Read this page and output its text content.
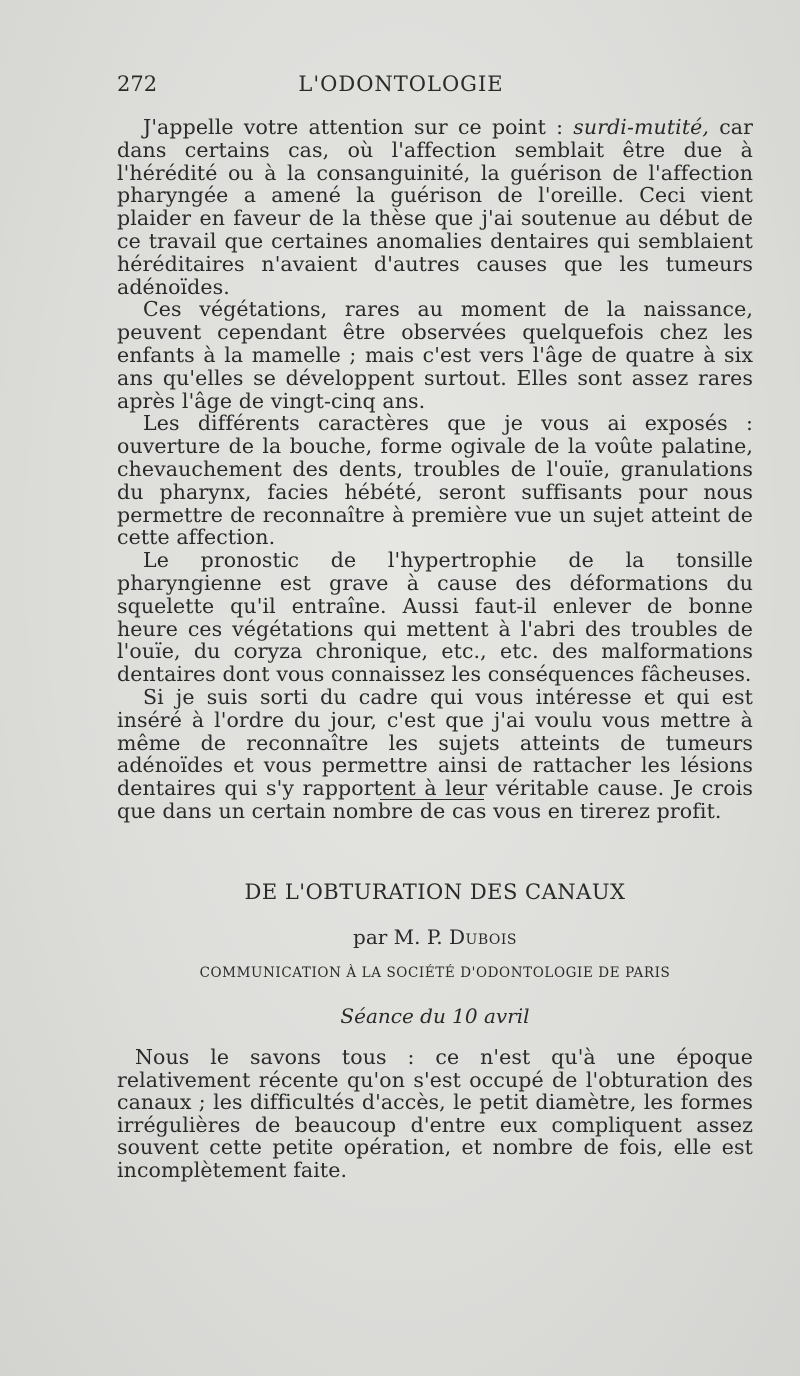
272	L'ODONTOLOGIE

J'appelle votre attention sur ce point : surdi-mutité, car dans certains cas, où l'affection semblait être due à l'hérédité ou à la consanguinité, la guérison de l'affection pharyngée a amené la guérison de l'oreille. Ceci vient plaider en faveur de la thèse que j'ai soutenue au début de ce travail que certaines anomalies dentaires qui semblaient héréditaires n'avaient d'autres causes que les tumeurs adénoïdes.

Ces végétations, rares au moment de la naissance, peuvent cependant être observées quelquefois chez les enfants à la mamelle ; mais c'est vers l'âge de quatre à six ans qu'elles se développent surtout. Elles sont assez rares après l'âge de vingt-cinq ans.

Les différents caractères que je vous ai exposés : ouverture de la bouche, forme ogivale de la voûte palatine, chevauchement des dents, troubles de l'ouïe, granulations du pharynx, facies hébété, seront suffisants pour nous permettre de reconnaître à première vue un sujet atteint de cette affection.

Le pronostic de l'hypertrophie de la tonsille pharyngienne est grave à cause des déformations du squelette qu'il entraîne. Aussi faut-il enlever de bonne heure ces végétations qui mettent à l'abri des troubles de l'ouïe, du coryza chronique, etc., etc. des malformations dentaires dont vous connaissez les conséquences fâcheuses.

Si je suis sorti du cadre qui vous intéresse et qui est inséré à l'ordre du jour, c'est que j'ai voulu vous mettre à même de reconnaître les sujets atteints de tumeurs adénoïdes et vous permettre ainsi de rattacher les lésions dentaires qui s'y rapportent à leur véritable cause. Je crois que dans un certain nombre de cas vous en tirerez profit.

DE L'OBTURATION DES CANAUX
par M. P. Dubois
COMMUNICATION À LA SOCIÉTÉ D'ODONTOLOGIE DE PARIS
Séance du 10 avril

Nous le savons tous : ce n'est qu'à une époque relativement récente qu'on s'est occupé de l'obturation des canaux ; les difficultés d'accès, le petit diamètre, les formes irrégulières de beaucoup d'entre eux compliquent assez souvent cette petite opération, et nombre de fois, elle est incomplètement faite.
